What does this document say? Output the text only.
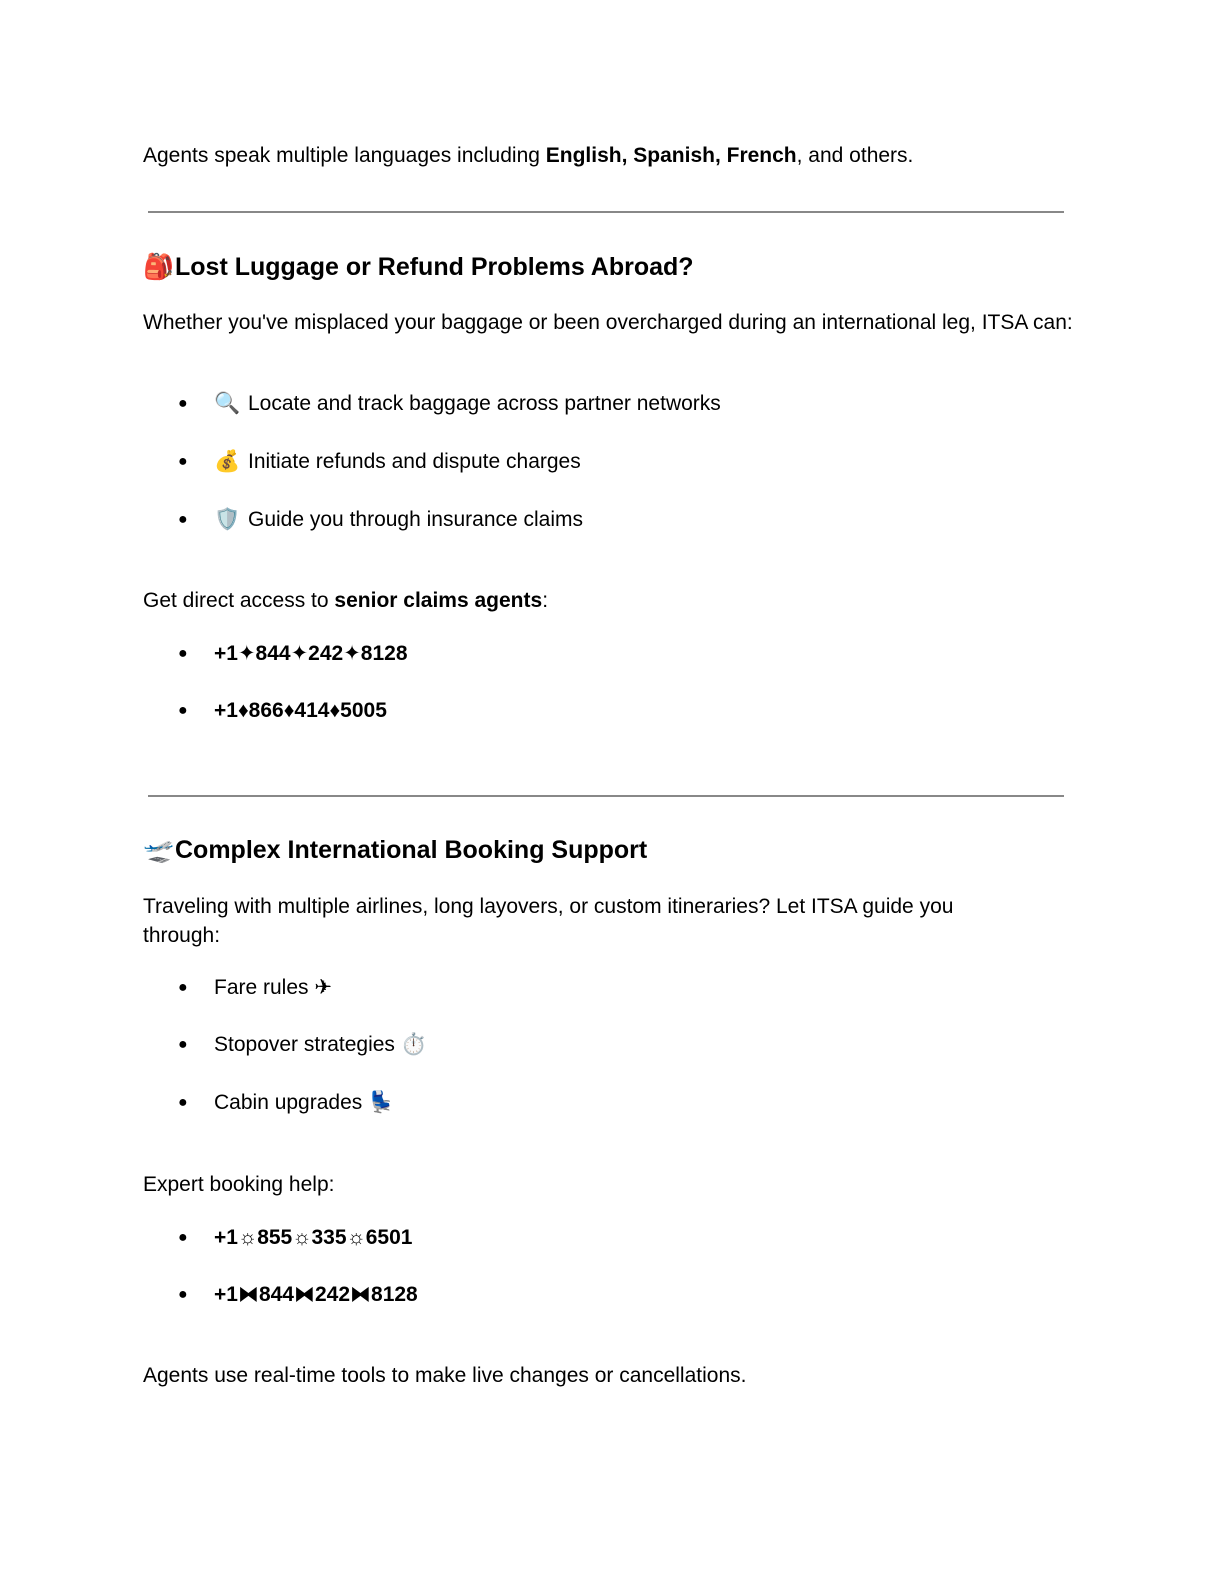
Agents speak multiple languages including English, Spanish, French, and others.

🎒Lost Luggage or Refund Problems Abroad?

Whether you've misplaced your baggage or been overcharged during an international leg, ITSA can:

● 🔍 Locate and track baggage across partner networks
● 💰 Initiate refunds and dispute charges
● 🛡️ Guide you through insurance claims

Get direct access to senior claims agents:

● +1✦844✦242✦8128
● +1♦866♦414♦5005
🛫Complex International Booking Support

Traveling with multiple airlines, long layovers, or custom itineraries? Let ITSA guide you through:

● Fare rules ✈
● Stopover strategies ⏱️
● Cabin upgrades 💺

Expert booking help:

● +1☼855☼335☼6501
● +1⧓844⧓242⧓8128

Agents use real-time tools to make live changes or cancellations.
